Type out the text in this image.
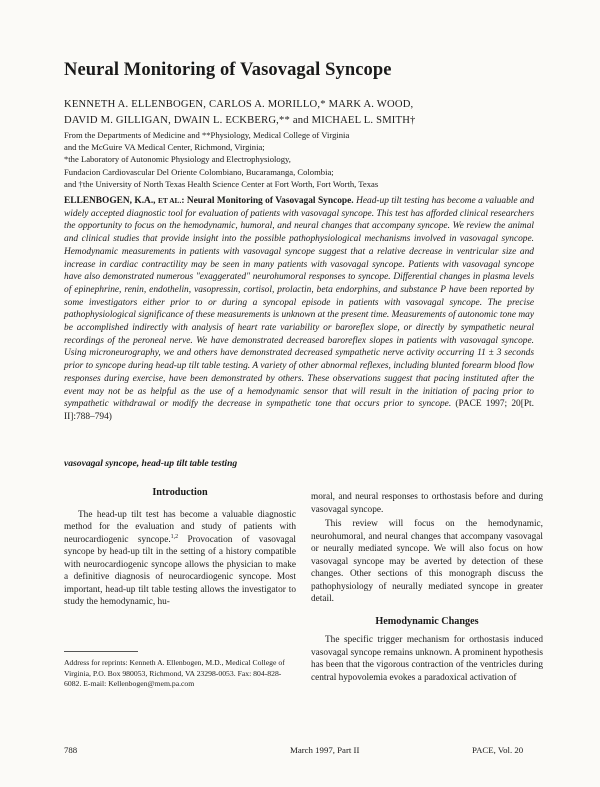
Neural Monitoring of Vasovagal Syncope
KENNETH A. ELLENBOGEN, CARLOS A. MORILLO,* MARK A. WOOD,
DAVID M. GILLIGAN, DWAIN L. ECKBERG,** and MICHAEL L. SMITH†
From the Departments of Medicine and **Physiology, Medical College of Virginia
and the McGuire VA Medical Center, Richmond, Virginia;
*the Laboratory of Autonomic Physiology and Electrophysiology,
Fundacion Cardiovascular Del Oriente Colombiano, Bucaramanga, Colombia;
and †the University of North Texas Health Science Center at Fort Worth, Fort Worth, Texas
ELLENBOGEN, K.A., ET AL.: Neural Monitoring of Vasovagal Syncope. Head-up tilt testing has become a valuable and widely accepted diagnostic tool for evaluation of patients with vasovagal syncope. This test has afforded clinical researchers the opportunity to focus on the hemodynamic, humoral, and neural changes that accompany syncope. We review the animal and clinical studies that provide insight into the possible pathophysiological mechanisms involved in vasovagal syncope. Hemodynamic measurements in patients with vasovagal syncope suggest that a relative decrease in ventricular size and increase in cardiac contractility may be seen in many patients with vasovagal syncope. Patients with vasovagal syncope have also demonstrated numerous "exaggerated" neurohumoral responses to syncope. Differential changes in plasma levels of epinephrine, renin, endothelin, vasopressin, cortisol, prolactin, beta endorphins, and substance P have been reported by some investigators either prior to or during a syncopal episode in patients with vasovagal syncope. The precise pathophysiological significance of these measurements is unknown at the present time. Measurements of autonomic tone may be accomplished indirectly with analysis of heart rate variability or baroreflex slope, or directly by sympathetic neural recordings of the peroneal nerve. We have demonstrated decreased baroreflex slopes in patients with vasovagal syncope. Using microneurography, we and others have demonstrated decreased sympathetic nerve activity occurring 11 ± 3 seconds prior to syncope during head-up tilt table testing. A variety of other abnormal reflexes, including blunted forearm blood flow responses during exercise, have been demonstrated by others. These observations suggest that pacing instituted after the event may not be as helpful as the use of a hemodynamic sensor that will result in the initiation of pacing prior to sympathetic withdrawal or modify the decrease in sympathetic tone that occurs prior to syncope. (PACE 1997; 20[Pt. II]:788–794)
vasovagal syncope, head-up tilt table testing
Introduction

The head-up tilt test has become a valuable diagnostic method for the evaluation and study of patients with neurocardiogenic syncope.$^{1,2}$ Provocation of vasovagal syncope by head-up tilt in the setting of a history compatible with neurocardiogenic syncope allows the physician to make a definitive diagnosis of neurocardiogenic syncope. Most important, head-up tilt table testing allows the investigator to study the hemodynamic, hu-

moral, and neural responses to orthostasis before and during vasovagal syncope.

This review will focus on the hemodynamic, neurohumoral, and neural changes that accompany vasovagal or neurally mediated syncope. We will also focus on how vasovagal syncope may be averted by detection of these changes. Other sections of this monograph discuss the pathophysiology of neurally mediated syncope in greater detail.

Hemodynamic Changes

The specific trigger mechanism for orthostasis induced vasovagal syncope remains unknown. A prominent hypothesis has been that the vigorous contraction of the ventricles during central hypovolemia evokes a paradoxical activation of

Address for reprints: Kenneth A. Ellenbogen, M.D., Medical College of Virginia, P.O. Box 980053, Richmond, VA 23298-0053. Fax: 804-828-6082. E-mail: Kellenbogen@mem.pa.com
788	March 1997, Part II	PACE, Vol. 20
